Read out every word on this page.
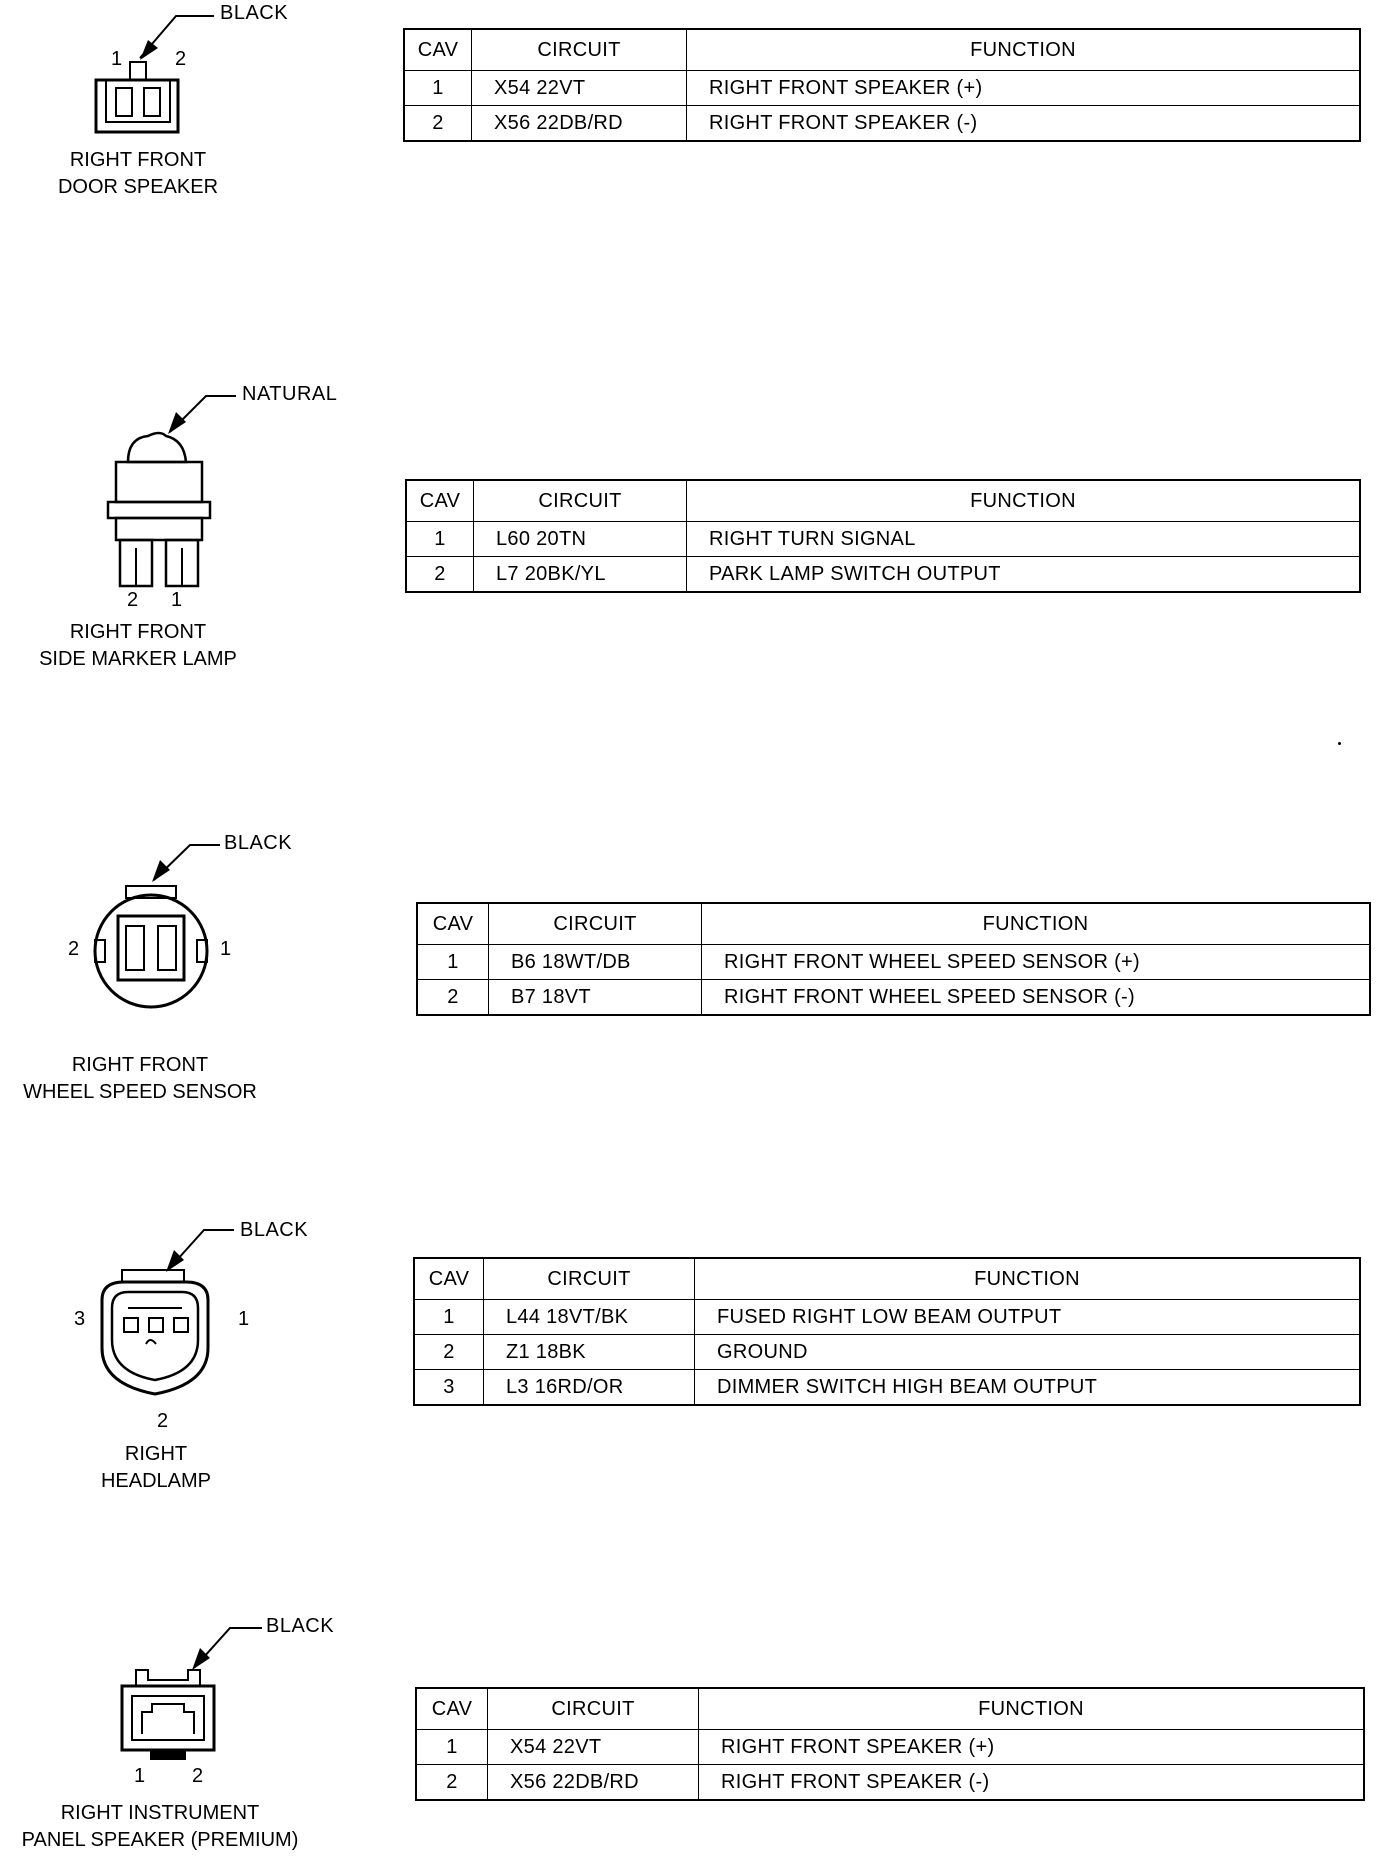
BLACK
1	2
RIGHT FRONT
DOOR SPEAKER
CAV	CIRCUIT	FUNCTION
1	X54 22VT	RIGHT FRONT SPEAKER (+)
2	X56 22DB/RD	RIGHT FRONT SPEAKER (-)
NATURAL
2 1
RIGHT FRONT
SIDE MARKER LAMP
CAV	CIRCUIT	FUNCTION
1	L60 20TN	RIGHT TURN SIGNAL
2	L7 20BK/YL	PARK LAMP SWITCH OUTPUT
BLACK
2	1
RIGHT FRONT
WHEEL SPEED SENSOR
CAV	CIRCUIT	FUNCTION
1	B6 18WT/DB	RIGHT FRONT WHEEL SPEED SENSOR (+)
2	B7 18VT	RIGHT FRONT WHEEL SPEED SENSOR (-)
BLACK
3	1
2
RIGHT
HEADLAMP
CAV	CIRCUIT	FUNCTION
1	L44 18VT/BK	FUSED RIGHT LOW BEAM OUTPUT
2	Z1 18BK	GROUND
3	L3 16RD/OR	DIMMER SWITCH HIGH BEAM OUTPUT
BLACK
1 2
RIGHT INSTRUMENT
PANEL SPEAKER (PREMIUM)
CAV	CIRCUIT	FUNCTION
1	X54 22VT	RIGHT FRONT SPEAKER (+)
2	X56 22DB/RD	RIGHT FRONT SPEAKER (-)
